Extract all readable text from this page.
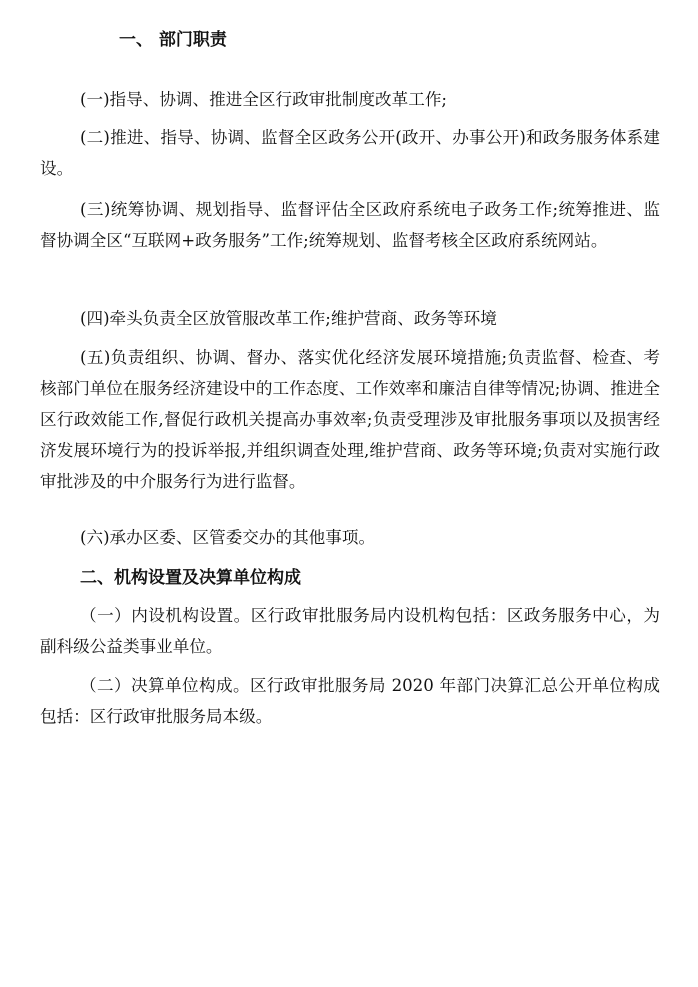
一、 部门职责
(一)指导、协调、推进全区行政审批制度改革工作;
(二)推进、指导、协调、监督全区政务公开(政开、办事公开)和政务服务体系建设。
(三)统筹协调、规划指导、监督评估全区政府系统电子政务工作;统筹推进、监督协调全区“互联网+政务服务”工作;统筹规划、监督考核全区政府系统网站。
(四)牵头负责全区放管服改革工作;维护营商、政务等环境
(五)负责组织、协调、督办、落实优化经济发展环境措施;负责监督、检查、考核部门单位在服务经济建设中的工作态度、工作效率和廉洁自律等情况;协调、推进全区行政效能工作,督促行政机关提高办事效率;负责受理涉及审批服务事项以及损害经济发展环境行为的投诉举报,并组织调查处理,维护营商、政务等环境;负责对实施行政审批涉及的中介服务行为进行监督。
(六)承办区委、区管委交办的其他事项。
二、机构设置及决算单位构成
（一）内设机构设置。区行政审批服务局内设机构包括：区政务服务中心，为副科级公益类事业单位。
（二）决算单位构成。区行政审批服务局 2020 年部门决算汇总公开单位构成包括：区行政审批服务局本级。
